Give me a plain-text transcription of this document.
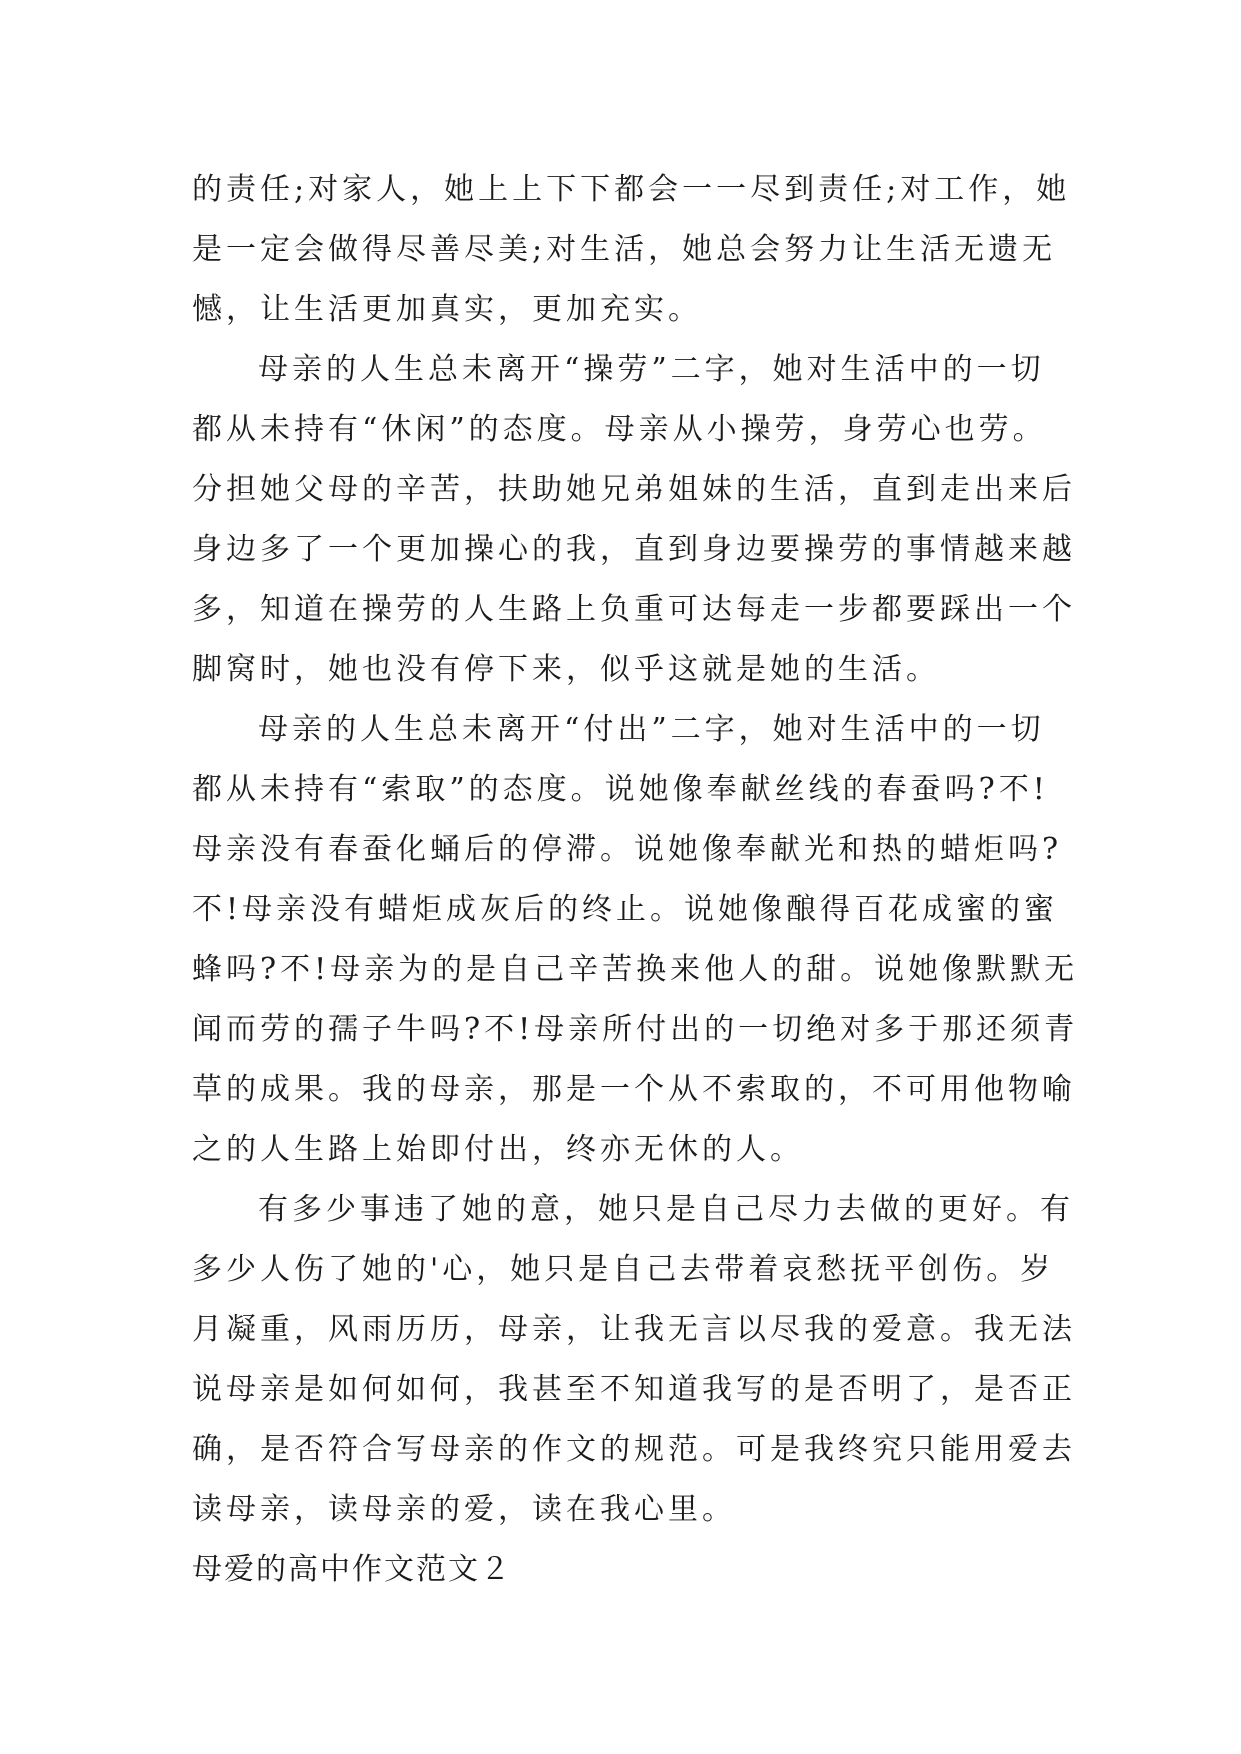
的责任;对家人，她上上下下都会一一尽到责任;对工作，她
是一定会做得尽善尽美;对生活，她总会努力让生活无遗无
憾，让生活更加真实，更加充实。
母亲的人生总未离开“操劳”二字，她对生活中的一切
都从未持有“休闲”的态度。母亲从小操劳，身劳心也劳。
分担她父母的辛苦，扶助她兄弟姐妹的生活，直到走出来后
身边多了一个更加操心的我，直到身边要操劳的事情越来越
多，知道在操劳的人生路上负重可达每走一步都要踩出一个
脚窝时，她也没有停下来，似乎这就是她的生活。
母亲的人生总未离开“付出”二字，她对生活中的一切
都从未持有“索取”的态度。说她像奉献丝线的春蚕吗?不!
母亲没有春蚕化蛹后的停滞。说她像奉献光和热的蜡炬吗?
不!母亲没有蜡炬成灰后的终止。说她像酿得百花成蜜的蜜
蜂吗?不!母亲为的是自己辛苦换来他人的甜。说她像默默无
闻而劳的孺子牛吗?不!母亲所付出的一切绝对多于那还须青
草的成果。我的母亲，那是一个从不索取的，不可用他物喻
之的人生路上始即付出，终亦无休的人。
有多少事违了她的意，她只是自己尽力去做的更好。有
多少人伤了她的'心，她只是自己去带着哀愁抚平创伤。岁
月凝重，风雨历历，母亲，让我无言以尽我的爱意。我无法
说母亲是如何如何，我甚至不知道我写的是否明了，是否正
确，是否符合写母亲的作文的规范。可是我终究只能用爱去
读母亲，读母亲的爱，读在我心里。
母爱的高中作文范文２
